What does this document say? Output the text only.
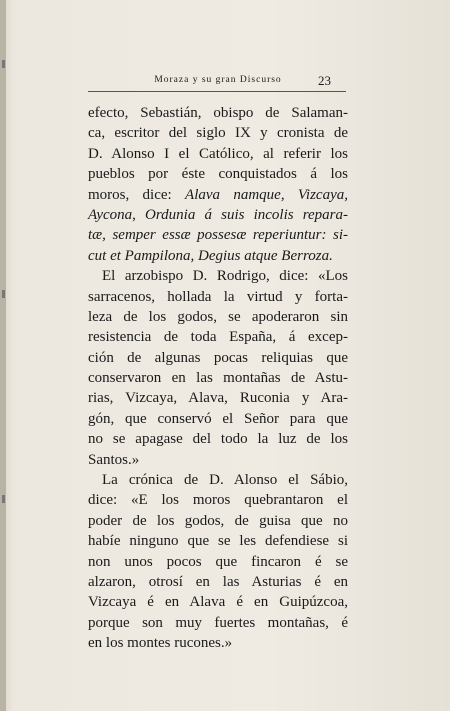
Moraza y su gran Discurso	23
efecto, Sebastián, obispo de Salaman-
ca, escritor del siglo IX y cronista de
D. Alonso I el Católico, al referir los
pueblos por éste conquistados á los
moros, dice: Alava namque, Vizcaya,
Aycona, Ordunia á suis incolis repara-
tæ, semper essæ possesæ reperiuntur: si-
cut et Pampilona, Degius atque Berroza.
El arzobispo D. Rodrigo, dice: «Los
sarracenos, hollada la virtud y forta-
leza de los godos, se apoderaron sin
resistencia de toda España, á excep-
ción de algunas pocas reliquias que
conservaron en las montañas de Astu-
rias, Vizcaya, Alava, Ruconia y Ara-
gón, que conservó el Señor para que
no se apagase del todo la luz de los
Santos.»
La crónica de D. Alonso el Sábio,
dice: «E los moros quebrantaron el
poder de los godos, de guisa que no
habíe ninguno que se les defendiese si
non unos pocos que fincaron é se
alzaron, otrosí en las Asturias é en
Vizcaya é en Alava é en Guipúzcoa,
porque son muy fuertes montañas, é
en los montes rucones.»
